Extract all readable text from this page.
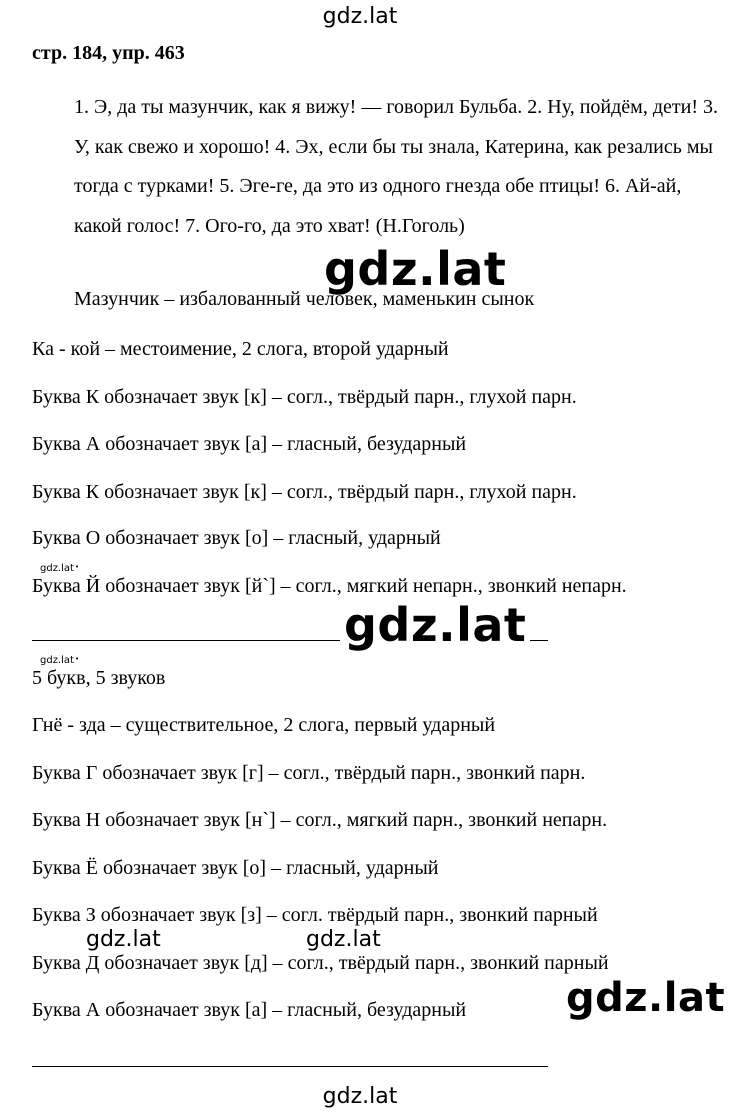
gdz.lat
стр. 184, упр. 463
1. Э, да ты мазунчик, как я вижу! — говорил Бульба. 2. Ну, пойдём, дети! 3. У, как свежо и хорошо! 4. Эх, если бы ты знала, Катерина, как резались мы тогда с турками! 5. Эге-ге, да это из одного гнезда обе птицы! 6. Ай-ай, какой голос! 7. Ого-го, да это хват! (Н.Гоголь)
Мазунчик – избалованный человек, маменькин сынок
gdz.lat
Ка - кой – местоимение, 2 слога, второй ударный
Буква К обозначает звук [к] – согл., твёрдый парн., глухой парн.
Буква А обозначает звук [а] – гласный, безударный
Буква К обозначает звук [к] – согл., твёрдый парн., глухой парн.
Буква О обозначает звук [о] – гласный, ударный
gdz.lat •
Буква Й обозначает звук [й`] – согл., мягкий непарн., звонкий непарн.
gdz.lat
gdz.lat •
5 букв, 5 звуков
Гнё - зда – существительное, 2 слога, первый ударный
Буква Г обозначает звук [г] – согл., твёрдый парн., звонкий парн.
Буква Н обозначает звук [н`] – согл., мягкий парн., звонкий непарн.
Буква Ё обозначает звук [о] – гласный, ударный
Буква З обозначает звук [з] – согл. твёрдый парн., звонкий парный
gdz.lat	gdz.lat
Буква Д обозначает звук [д] – согл., твёрдый парн., звонкий парный
Буква А обозначает звук [а] – гласный, безударный gdz.lat
gdz.lat
